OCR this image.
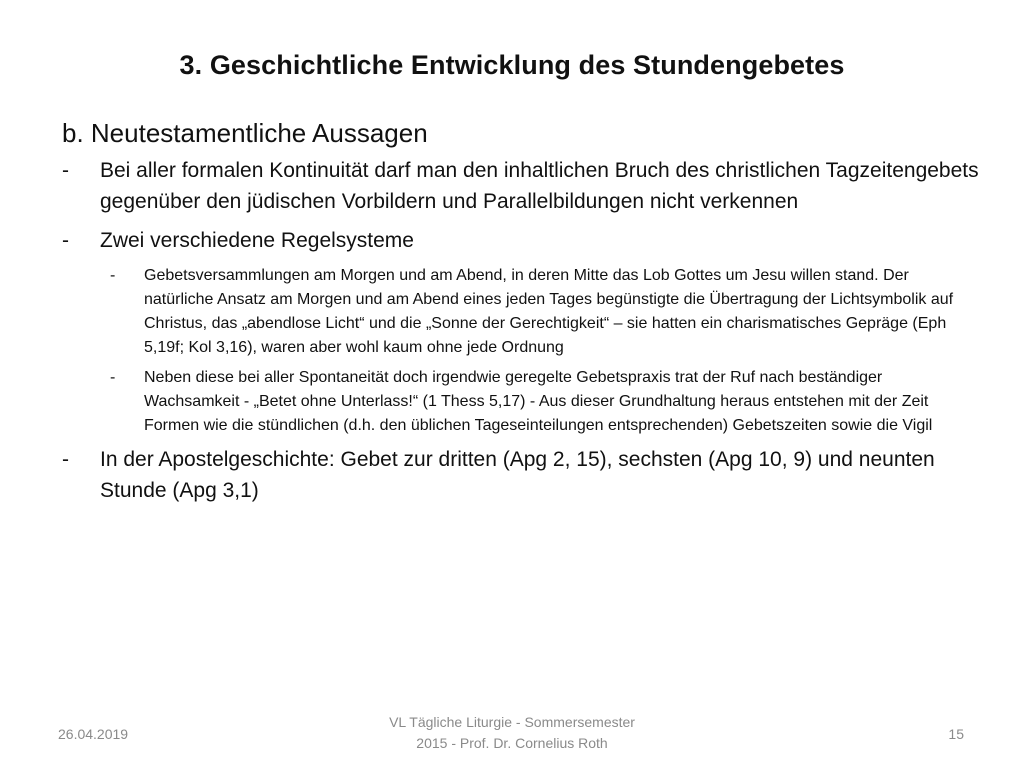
3. Geschichtliche Entwicklung des Stundengebetes
b. Neutestamentliche Aussagen
-	Bei aller formalen Kontinuität darf man den inhaltlichen Bruch des christlichen Tagzeitengebets gegenüber den jüdischen Vorbildern und Parallelbildungen nicht verkennen
-	Zwei verschiedene Regelsysteme
-	Gebetsversammlungen am Morgen und am Abend, in deren Mitte das Lob Gottes um Jesu willen stand. Der natürliche Ansatz am Morgen und am Abend eines jeden Tages begünstigte die Übertragung der Lichtsymbolik auf Christus, das „abendlose Licht“ und die „Sonne der Gerechtigkeit“ – sie hatten ein charismatisches Gepräge (Eph 5,19f; Kol 3,16), waren aber wohl kaum ohne jede Ordnung
-	Neben diese bei aller Spontaneität doch irgendwie geregelte Gebetspraxis trat der Ruf nach beständiger Wachsamkeit - „Betet ohne Unterlass!“ (1 Thess 5,17) - Aus dieser Grundhaltung heraus entstehen mit der Zeit Formen wie die stündlichen (d.h. den üblichen Tageseinteilungen entsprechenden) Gebetszeiten sowie die Vigil
-	In der Apostelgeschichte: Gebet zur dritten (Apg 2, 15), sechsten (Apg 10, 9) und neunten Stunde (Apg 3,1)
26.04.2019
VL Tägliche Liturgie - Sommersemester
2015 - Prof. Dr. Cornelius Roth
15
